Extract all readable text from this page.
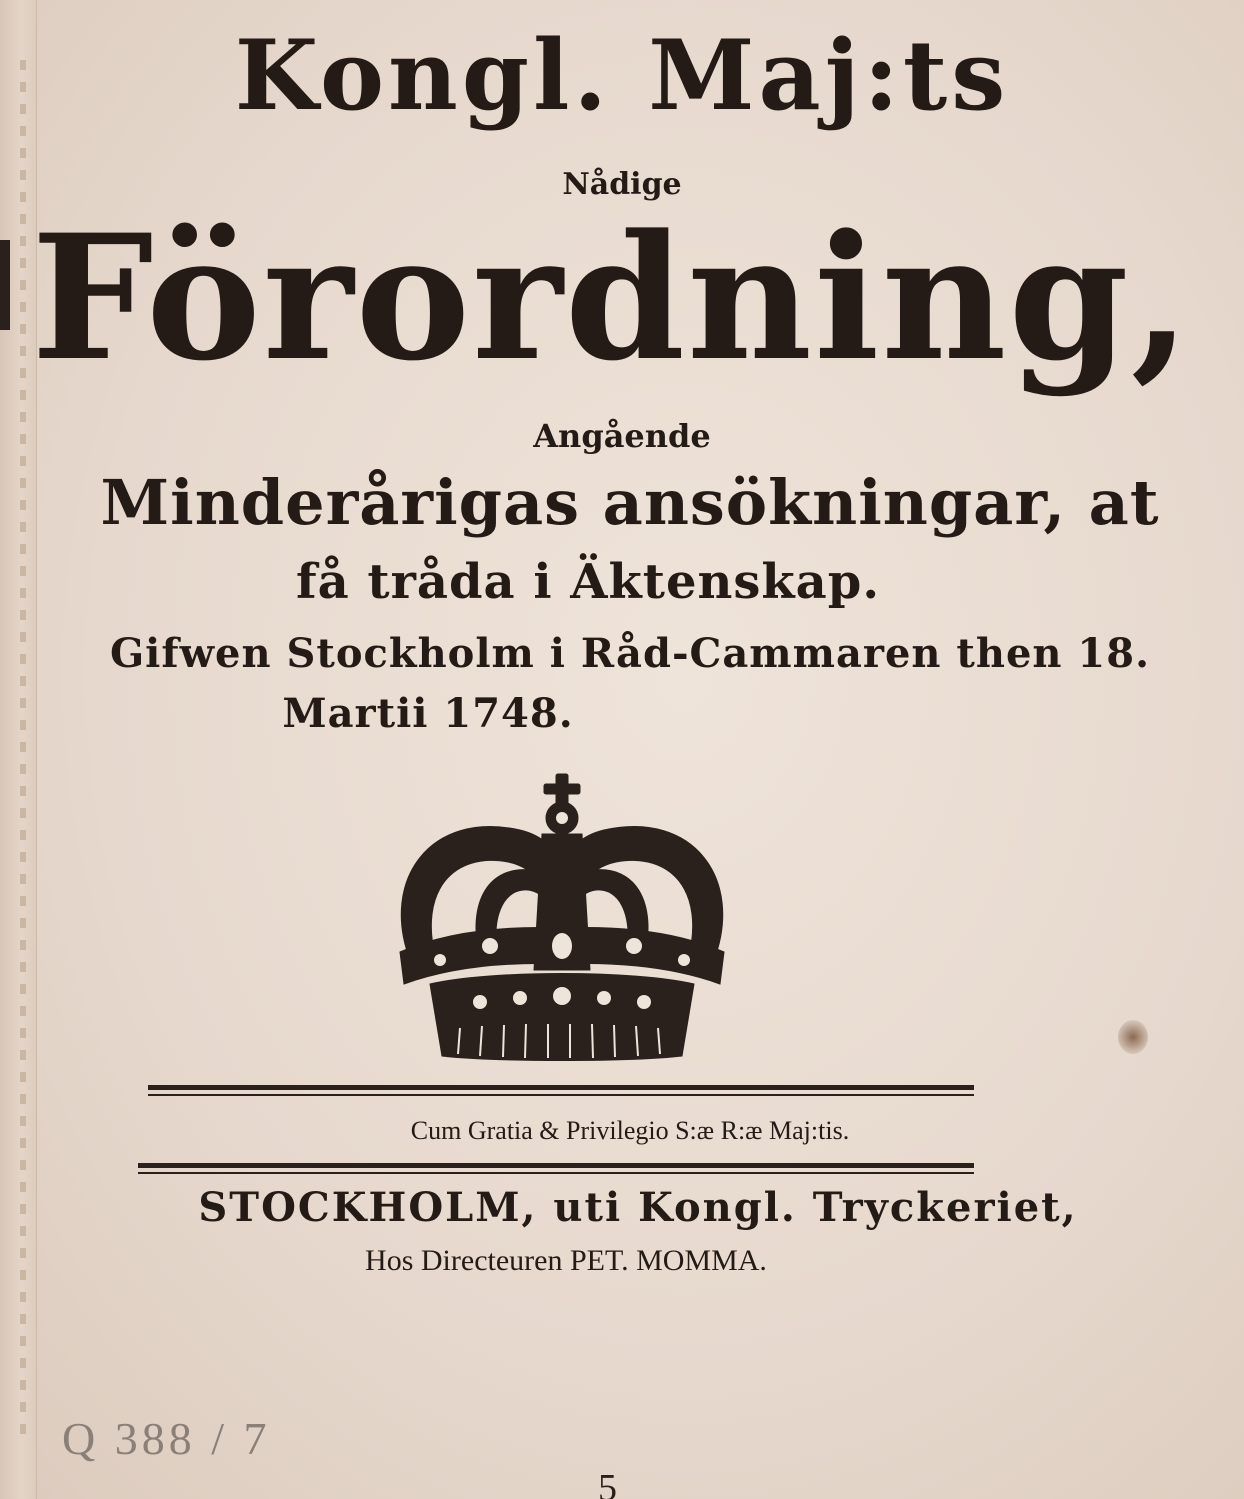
Kongl. Maj:ts
Nådige
Förordning,
Angående
Minderårigas ansökningar, at
få tråda i Äktenskap.
Gifwen Stockholm i Råd-Cammaren then 18.
Martii 1748.
Cum Gratia & Privilegio S:æ R:æ Maj:tis.
STOCKHOLM, uti Kongl. Tryckeriet,
Hos Directeuren PET. MOMMA.
Q 388 / 7
5
